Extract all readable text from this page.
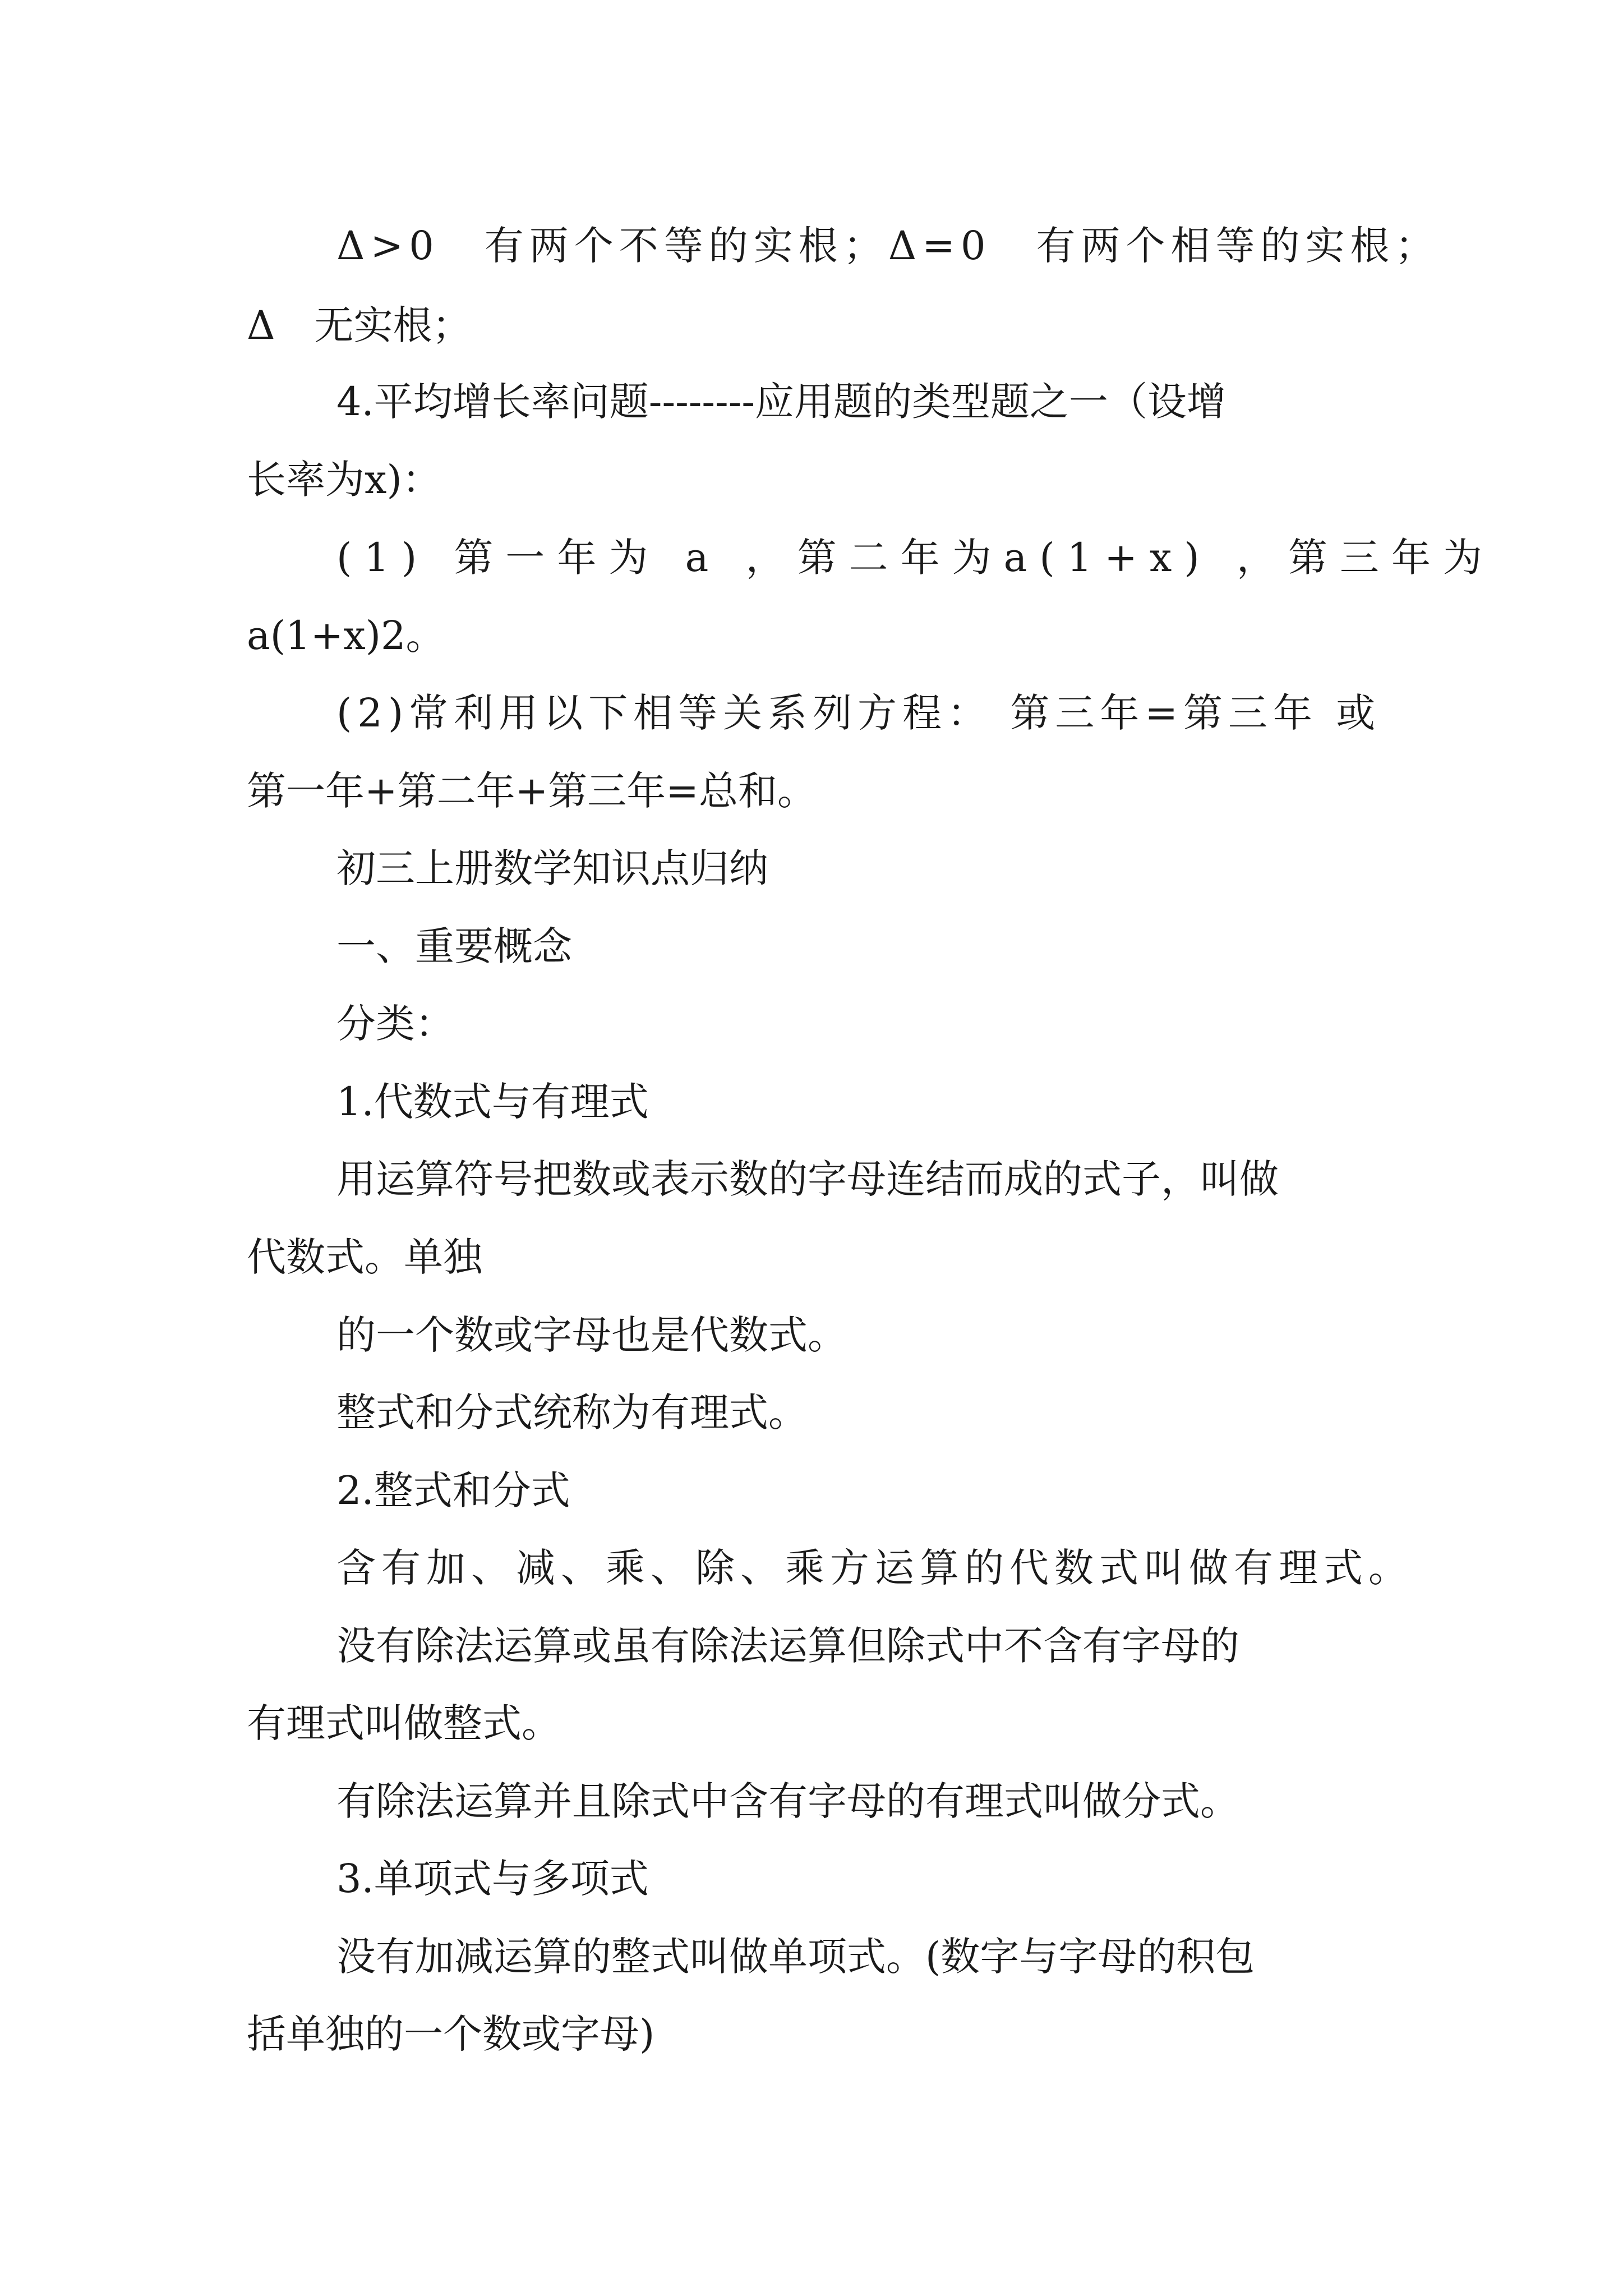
Δ>0　有两个不等的实根；Δ=0　有两个相等的实根；

Δ　无实根；

4.平均增长率问题--------应用题的类型题之一（设增

长率为x)：

(1) 第一年为 a ，第二年为a(1+x) ，第三年为

a(1+x)2。

(2)常利用以下相等关系列方程： 第三年=第三年 或

第一年+第二年+第三年=总和。

初三上册数学知识点归纳

一、重要概念

分类：

1.代数式与有理式

用运算符号把数或表示数的字母连结而成的式子，叫做

代数式。单独

的一个数或字母也是代数式。

整式和分式统称为有理式。

2.整式和分式

含有加、减、乘、除、乘方运算的代数式叫做有理式。

没有除法运算或虽有除法运算但除式中不含有字母的

有理式叫做整式。

有除法运算并且除式中含有字母的有理式叫做分式。

3.单项式与多项式

没有加减运算的整式叫做单项式。(数字与字母的积包

括单独的一个数或字母)
